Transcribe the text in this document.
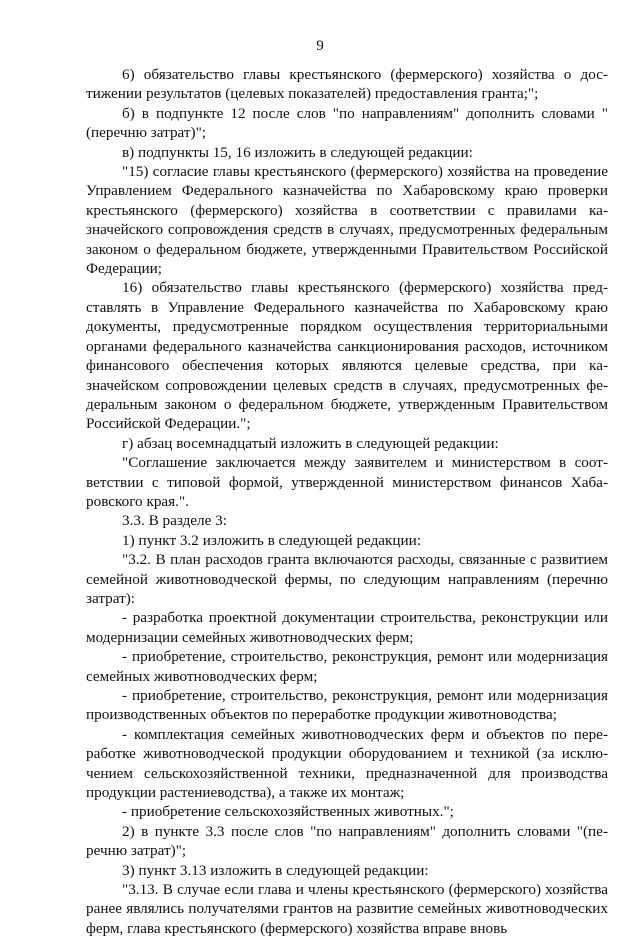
9

6) обязательство главы крестьянского (фермерского) хозяйства о достижении результатов (целевых показателей) предоставления гранта;";

б) в подпункте 12 после слов "по направлениям" дополнить словами "(перечню затрат)";

в) подпункты 15, 16 изложить в следующей редакции:

"15) согласие главы крестьянского (фермерского) хозяйства на проведение Управлением Федерального казначейства по Хабаровскому краю проверки крестьянского (фермерского) хозяйства в соответствии с правилами казначейского сопровождения средств в случаях, предусмотренных федеральным законом о федеральном бюджете, утвержденными Правительством Российской Федерации;

16) обязательство главы крестьянского (фермерского) хозяйства представлять в Управление Федерального казначейства по Хабаровскому краю документы, предусмотренные порядком осуществления территориальными органами федерального казначейства санкционирования расходов, источником финансового обеспечения которых являются целевые средства, при казначейском сопровождении целевых средств в случаях, предусмотренных федеральным законом о федеральном бюджете, утвержденным Правительством Российской Федерации.";

г) абзац восемнадцатый изложить в следующей редакции:

"Соглашение заключается между заявителем и министерством в соответствии с типовой формой, утвержденной министерством финансов Хабаровского края.".

3.3. В разделе 3:

1) пункт 3.2 изложить в следующей редакции:

"3.2. В план расходов гранта включаются расходы, связанные с развитием семейной животноводческой фермы, по следующим направлениям (перечню затрат):

- разработка проектной документации строительства, реконструкции или модернизации семейных животноводческих ферм;

- приобретение, строительство, реконструкция, ремонт или модернизация семейных животноводческих ферм;

- приобретение, строительство, реконструкция, ремонт или модернизация производственных объектов по переработке продукции животноводства;

- комплектация семейных животноводческих ферм и объектов по переработке животноводческой продукции оборудованием и техникой (за исключением сельскохозяйственной техники, предназначенной для производства продукции растениеводства), а также их монтаж;

- приобретение сельскохозяйственных животных.";

2) в пункте 3.3 после слов "по направлениям" дополнить словами "(перечню затрат)";

3) пункт 3.13 изложить в следующей редакции:

"3.13. В случае если глава и члены крестьянского (фермерского) хозяйства ранее являлись получателями грантов на развитие семейных животноводческих ферм, глава крестьянского (фермерского) хозяйства вправе вновь
